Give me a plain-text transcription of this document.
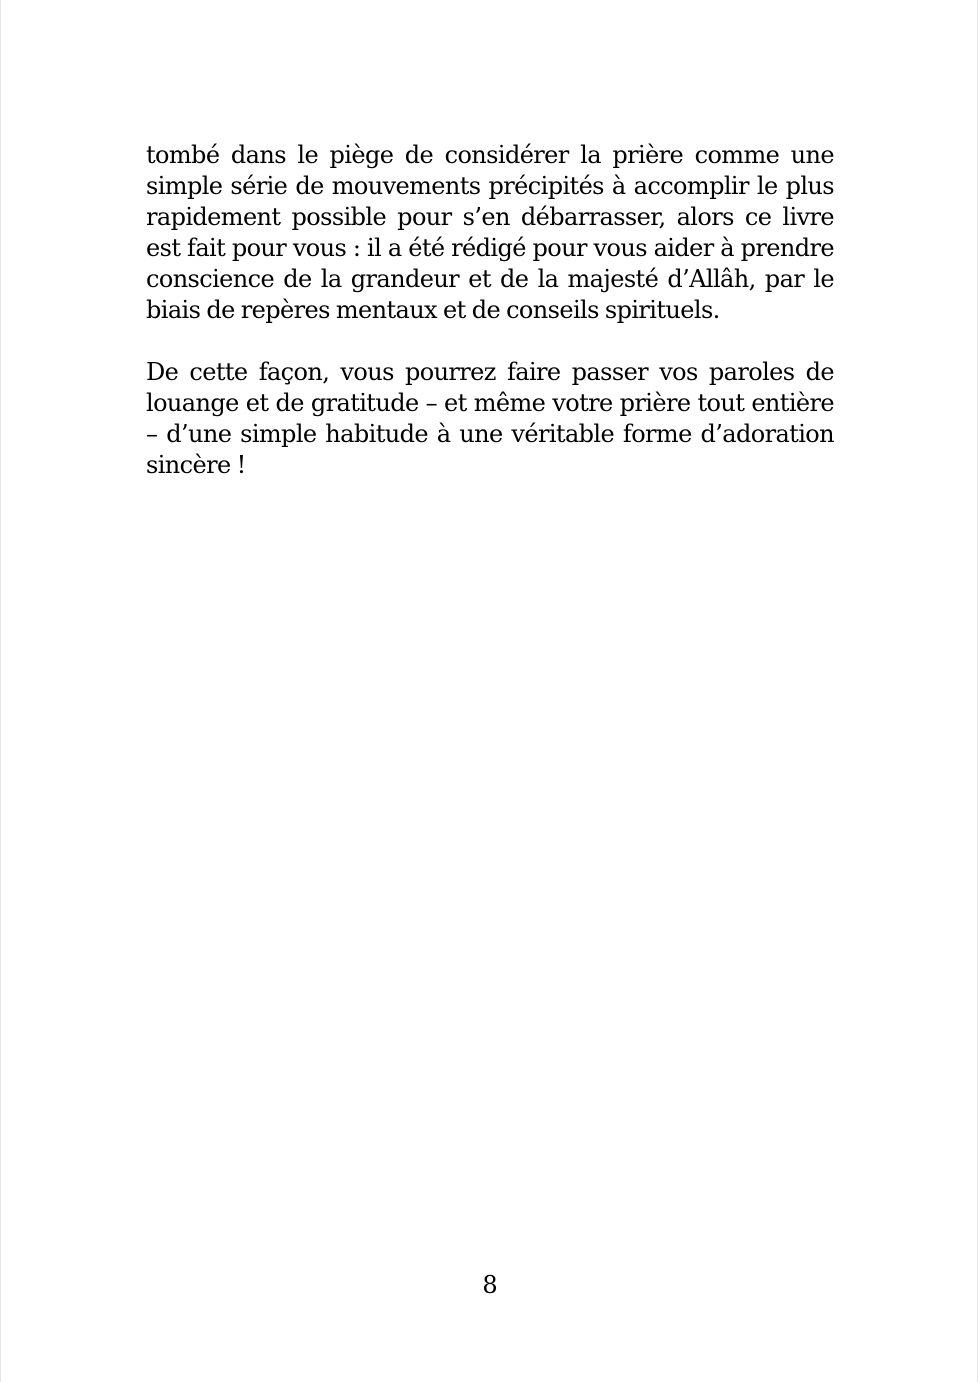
tombé dans le piège de considérer la prière comme une simple série de mouvements précipités à accomplir le plus rapidement possible pour s’en débarrasser, alors ce livre est fait pour vous : il a été rédigé pour vous aider à prendre conscience de la grandeur et de la majesté d’Allâh, par le biais de repères mentaux et de conseils spirituels.

De cette façon, vous pourrez faire passer vos paroles de louange et de gratitude – et même votre prière tout entière – d’une simple habitude à une véritable forme d’adoration sincère !

8
